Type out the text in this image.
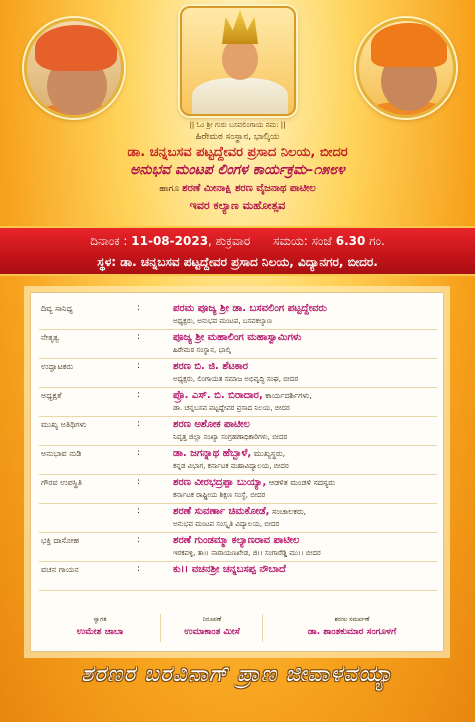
|| ಓಂ ಶ್ರೀ ಗುರು ಬಸವಲಿಂಗಾಯ ನಮ: ||
ಹಿರೇಮಠ ಸಂಸ್ಥಾನ, ಭಾಲ್ಕಿಯ
ಡಾ. ಚನ್ನಬಸವ ಪಟ್ಟದ್ದೇವರ ಪ್ರಸಾದ ನಿಲಯ, ಬೀದರ
ಅನುಭವ ಮಂಟಪ ಲಿಂಗಳ ಕಾರ್ಯಕ್ರಮ–೧೫೮೪
ಹಾಗೂ ಶರಣೆ ಮೀನಾಕ್ಷಿ ಶರಣ ವೈಜನಾಥ ಪಾಟೀಲ
ಇವರ ಕಲ್ಯಾಣ ಮಹೋತ್ಸವ
ದಿನಾಂಕ : 11-08-2023, ಶುಕ್ರವಾರ ಸಮಯ: ಸಂಜೆ 6.30 ಗಂ.
ಸ್ಥಳ: ಡಾ. ಚನ್ನಬಸವ ಪಟ್ಟದ್ದೇವರ ಪ್ರಸಾದ ನಿಲಯ, ವಿದ್ಯಾನಗರ, ಬೀದರ.
ದಿವ್ಯ ಸಾನಿಧ್ಯ	:	ಪರಮ ಪೂಜ್ಯ ಶ್ರೀ ಡಾ. ಬಸವಲಿಂಗ ಪಟ್ಟದ್ದೇವರು
ಅಧ್ಯಕ್ಷರು, ಅನುಭವ ಮಂಟಪ, ಬಸವಕಲ್ಯಾಣ
ನೇತೃತ್ವ	:	ಪೂಜ್ಯ ಶ್ರೀ ಮಹಾಲಿಂಗ ಮಹಾಸ್ವಾಮಿಗಳು
ಹಿರೇಮಠ ಸಂಸ್ಥಾನ, ಭಾಲ್ಕಿ
ಉದ್ಘಾಟಕರು	:	ಶರಣ ಬಿ. ಜಿ. ಶೆಟಕಾರ
ಅಧ್ಯಕ್ಷರು, ಲಿಂಗಾಯತ ಸಮಾಜ ಅಭಿವೃದ್ಧಿ ಸಂಘ, ಬೀದರ
ಅಧ್ಯಕ್ಷತೆ	:	ಪ್ರೊ. ಎಸ್. ಬಿ. ಬಿರಾದಾರ, ಕಾರ್ಯದರ್ಶಿಗಳು,
ಡಾ. ಚನ್ನಬಸವ ಪಟ್ಟದ್ದೇವರ ಪ್ರಸಾದ ನಿಲಯ, ಬೀದರ
ಮುಖ್ಯ ಅತಿಥಿಗಳು	:	ಶರಣ ಅಶೋಕ ಪಾಟೀಲ
ನಿವೃತ್ತ ಜಿಲ್ಲಾ ಸಂಖ್ಯಾ ಸಂಗ್ರಹಣಾಧಿಕಾರಿಗಳು, ಬೀದರ
ಅನುಭಾವ ನುಡಿ	:	ಡಾ. ಜಗನ್ನಾಥ ಹೆಬ್ಬಾಳೆ, ಮುಖ್ಯಸ್ಥರು,
ಕನ್ನಡ ವಿಭಾಗ, ಕರ್ನಾಟಕ ಮಹಾವಿದ್ಯಾಲಯ, ಬೀದರ
ಗೌರವ ಉಪಸ್ಥಿತಿ	:	ಶರಣ ವೀರಭದ್ರಪ್ಪಾ ಬುಯ್ಯಾ, ಆಡಳಿತ ಮಂಡಳಿ ಸದಸ್ಯರು
ಕರ್ನಾಟಕ ರಾಷ್ಟ್ರೀಯ ಶಿಕ್ಷಣ ಸಂಸ್ಥೆ, ಬೀದರ
:	ಶರಣೆ ಸುವರ್ಣಾ ಚಿಮಕೋಡೆ, ಸಂಚಾಲಕರು,
ಅನುಭವ ಮಂಟಪ ಸಂಸ್ಕೃತಿ ವಿದ್ಯಾಲಯ, ಬೀದರ
ಭಕ್ತಿ ದಾಸೋಹ	:	ಶರಣೆ ಗುಂಡಮ್ಮಾ ಕಲ್ಯಾಣರಾವ ಪಾಟೀಲ
ಇರಕಪಳ್ಳಿ, ತಾ।। ನಾರಾಯಣಖೇಡ, ಜಿ।। ಸಂಗಾರೆಡ್ಡಿ ಮು।। ಬೀದರ
ವಚನ ಗಾಯನ	:	ಕು।। ವಚನಶ್ರೀ ಚನ್ನಬಸಪ್ಪ ನೌಬಾದೆ
ಸ್ವಾಗತ
ಉಮೇಶ ಜಾಬಾ
ನಿರೂಪಣೆ
ಉಮಾಕಾಂತ ಮೀಸೆ
ಶರಣು ಸಮರ್ಪಣೆ
ಡಾ. ಶಾಂತಕುಮಾರ ಸಂಗೂಳಗೆ
ಶರಣರ ಬರವಿನಾಗ್ ಪ್ರಾಣ ಜೀವಾಳವಯ್ಯಾ
